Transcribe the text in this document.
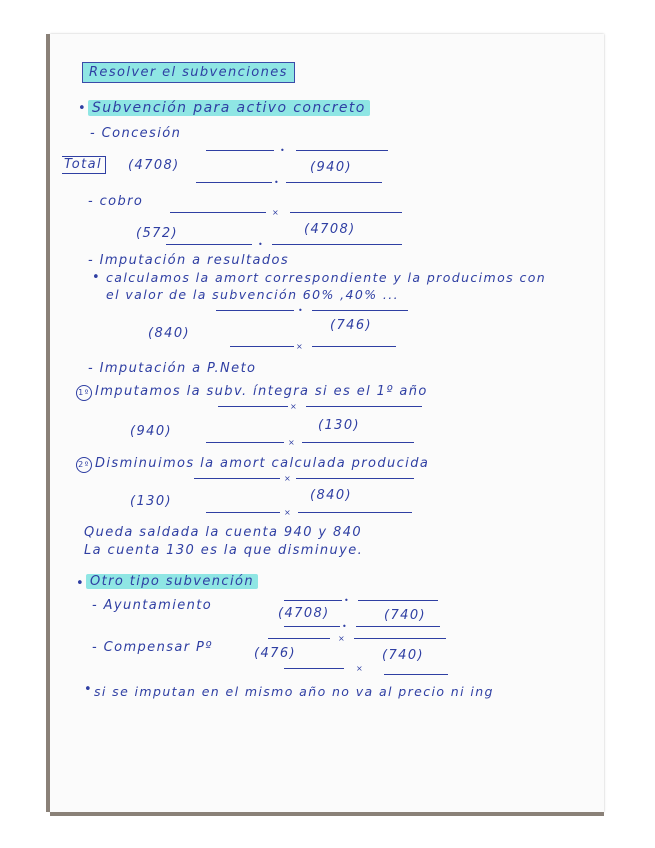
Resolver el subvenciones
• Subvención para activo concreto
- Concesión
•
Total	(4708)	(940)
•
- cobro
×
(4708)
(572)
•
- Imputación a resultados
• calculamos la amort correspondiente y la producimos con
el valor de la subvención 60% ,40% ...
•
(746)
(840)
×
- Imputación a P.Neto
1º Imputamos la subv. íntegra si es el 1º año
×
(130)
(940)
×
2º Disminuimos la amort calculada producida
×
(840)
(130)
×
Queda saldada la cuenta 940 y 840
La cuenta 130 es la que disminuye.
• Otro tipo subvención
- Ayuntamiento	•
(4708)	(740)
•
×
- Compensar Pº	(476)	(740)
×
• si se imputan en el mismo año no va al precio ni ing
